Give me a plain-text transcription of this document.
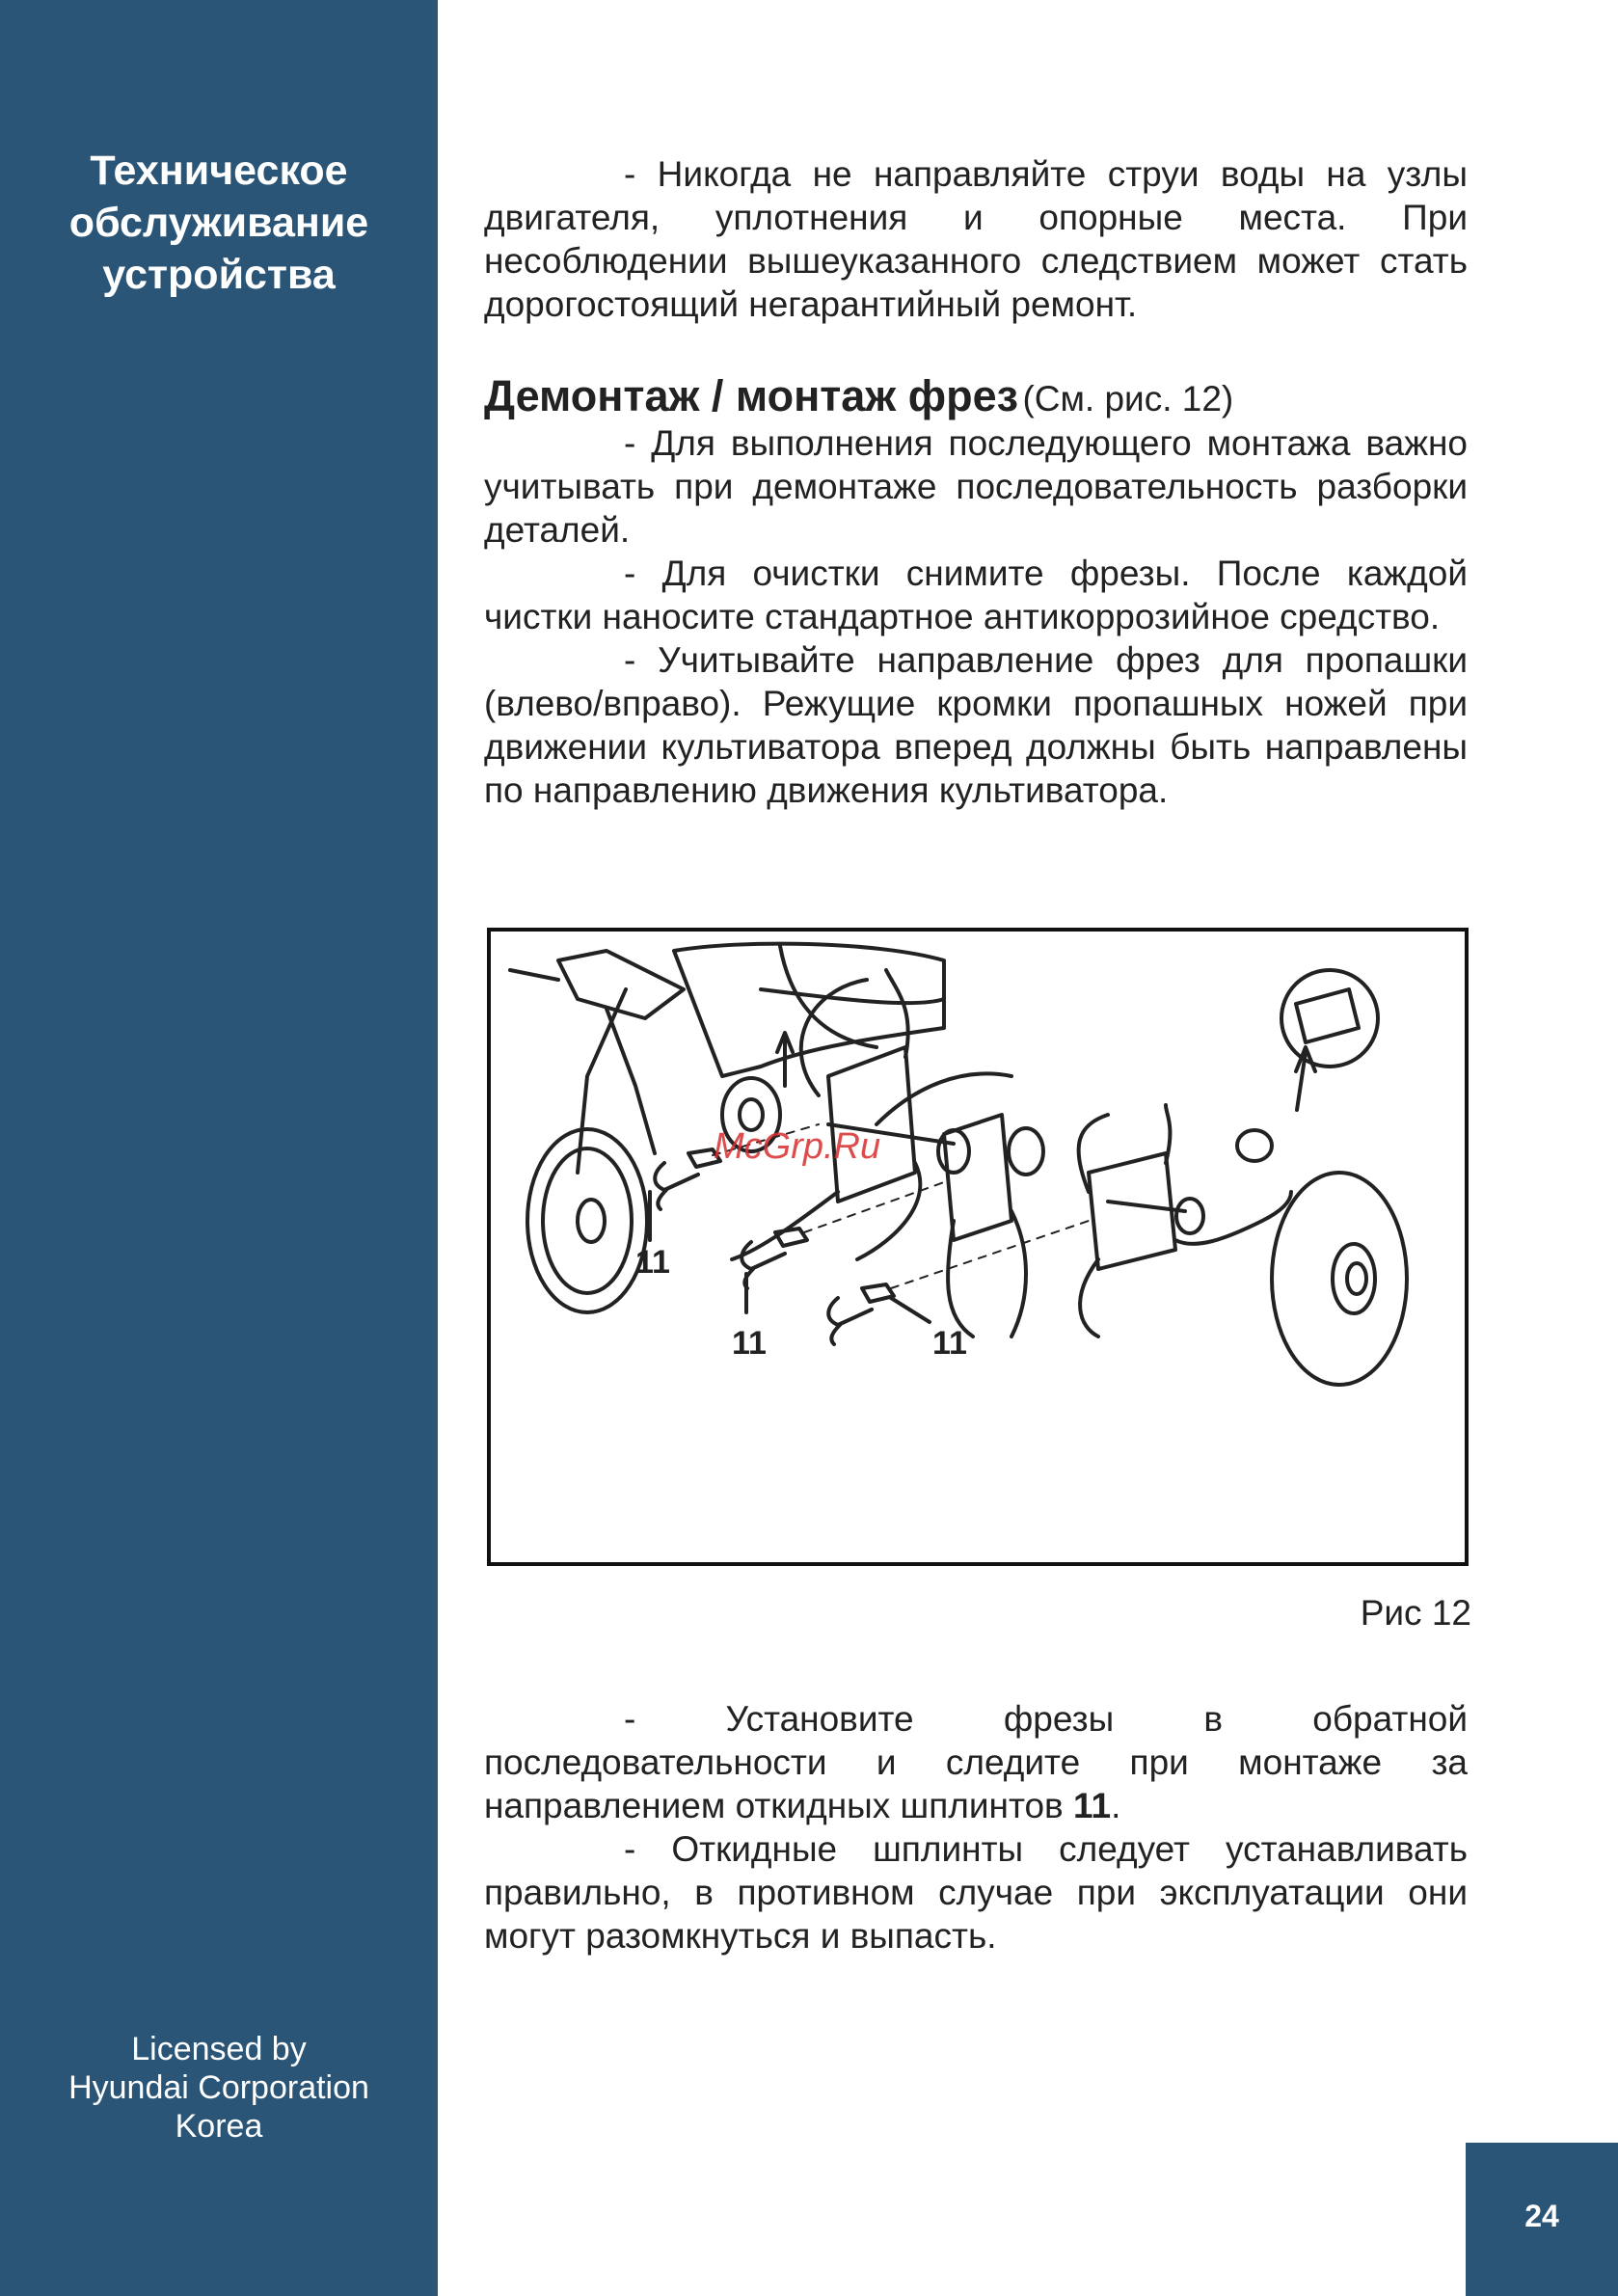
Техническое
обслуживание
устройства
Licensed by
Hyundai Corporation
Korea

- Никогда не направляйте струи воды на узлы двигателя, уплотнения и опорные места. При несоблюдении вышеуказанного следствием может стать дорогостоящий негарантийный ремонт.

Демонтаж / монтаж фрез (См. рис. 12)

- Для выполнения последующего монтажа важно учитывать при демонтаже последовательность разборки деталей.

- Для очистки снимите фрезы. После каждой чистки наносите стандартное антикоррозийное средство.

- Учитывайте направление фрез для пропашки (влево/вправо). Режущие кромки пропашных ножей при движении культиватора вперед должны быть направлены по направлению движения культиватора.

11
11	11
McGrp.Ru
Рис 12

- Установите фрезы в обратной последовательности и следите при монтаже за направлением откидных шплинтов 11.

- Откидные шплинты следует устанавливать правильно, в противном случае при эксплуатации они могут разомкнуться и выпасть.

24
